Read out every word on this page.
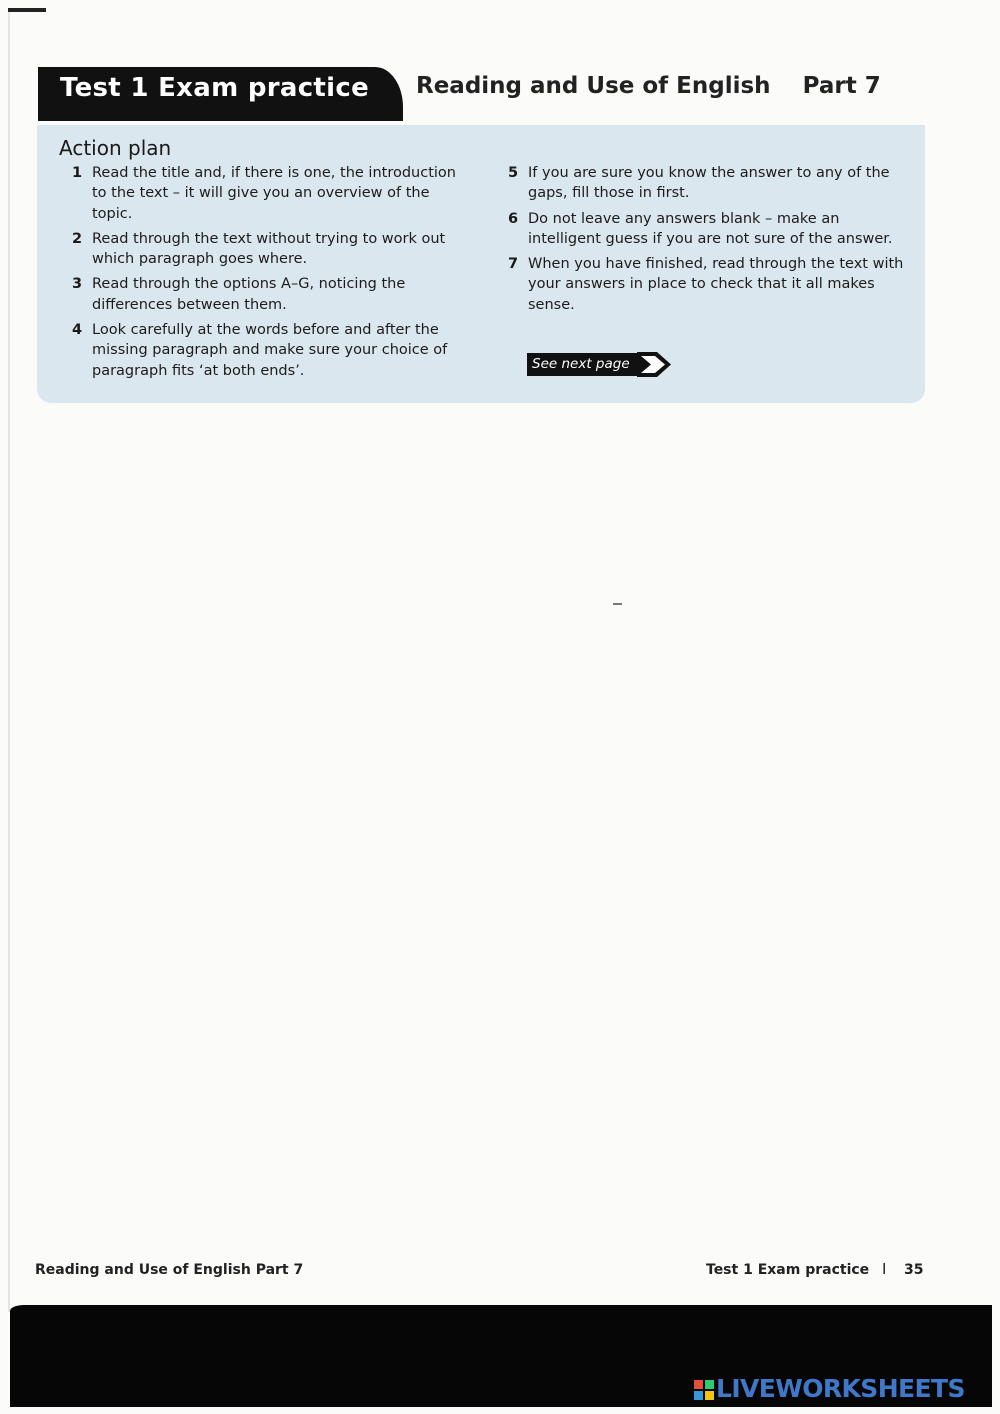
Test 1 Exam practice Reading and Use of English    Part 7
Action plan
1 Read the title and, if there is one, the introduction to the text – it will give you an overview of the topic.
2 Read through the text without trying to work out which paragraph goes where.
3 Read through the options A–G, noticing the differences between them.
4 Look carefully at the words before and after the missing paragraph and make sure your choice of paragraph fits ‘at both ends’.
5 If you are sure you know the answer to any of the gaps, fill those in first.
6 Do not leave any answers blank – make an intelligent guess if you are not sure of the answer.
7 When you have finished, read through the text with your answers in place to check that it all makes sense.
See next page
Reading and Use of English Part 7	Test 1 Exam practice I 35
LIVEWORKSHEETS
